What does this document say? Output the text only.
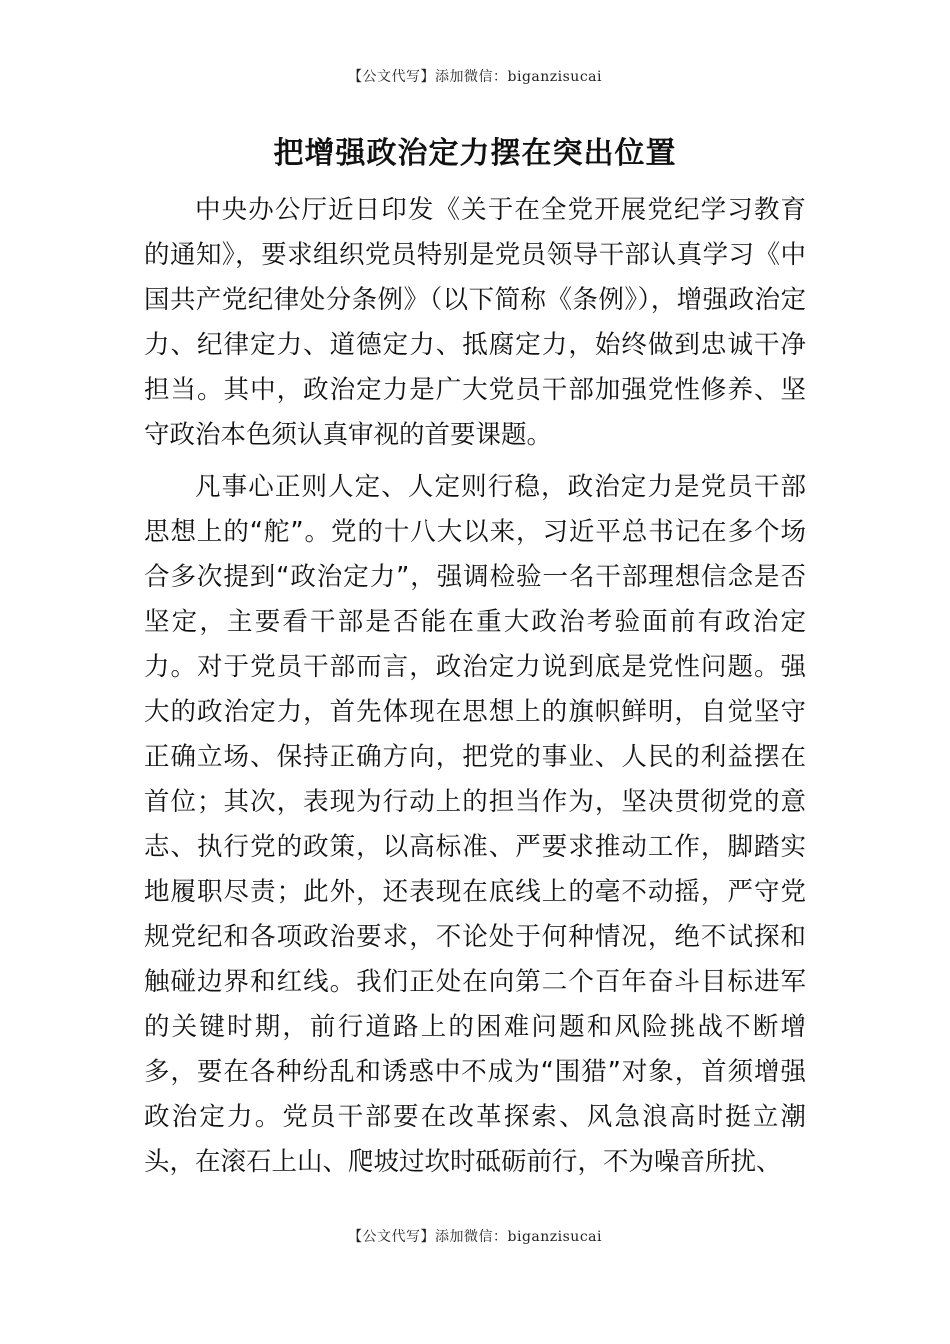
【公文代写】添加微信：biganzisucai
把增强政治定力摆在突出位置

中央办公厅近日印发《关于在全党开展党纪学习教育的通知》，要求组织党员特别是党员领导干部认真学习《中国共产党纪律处分条例》（以下简称《条例》），增强政治定力、纪律定力、道德定力、抵腐定力，始终做到忠诚干净担当。其中，政治定力是广大党员干部加强党性修养、坚守政治本色须认真审视的首要课题。

凡事心正则人定、人定则行稳，政治定力是党员干部思想上的“舵”。党的十八大以来，习近平总书记在多个场合多次提到“政治定力”，强调检验一名干部理想信念是否坚定，主要看干部是否能在重大政治考验面前有政治定力。对于党员干部而言，政治定力说到底是党性问题。强大的政治定力，首先体现在思想上的旗帜鲜明，自觉坚守正确立场、保持正确方向，把党的事业、人民的利益摆在首位；其次，表现为行动上的担当作为，坚决贯彻党的意志、执行党的政策，以高标准、严要求推动工作，脚踏实地履职尽责；此外，还表现在底线上的毫不动摇，严守党规党纪和各项政治要求，不论处于何种情况，绝不试探和触碰边界和红线。我们正处在向第二个百年奋斗目标进军的关键时期，前行道路上的困难问题和风险挑战不断增多，要在各种纷乱和诱惑中不成为“围猎”对象，首须增强政治定力。党员干部要在改革探索、风急浪高时挺立潮头，在滚石上山、爬坡过坎时砥砺前行，不为噪音所扰、

【公文代写】添加微信：biganzisucai
